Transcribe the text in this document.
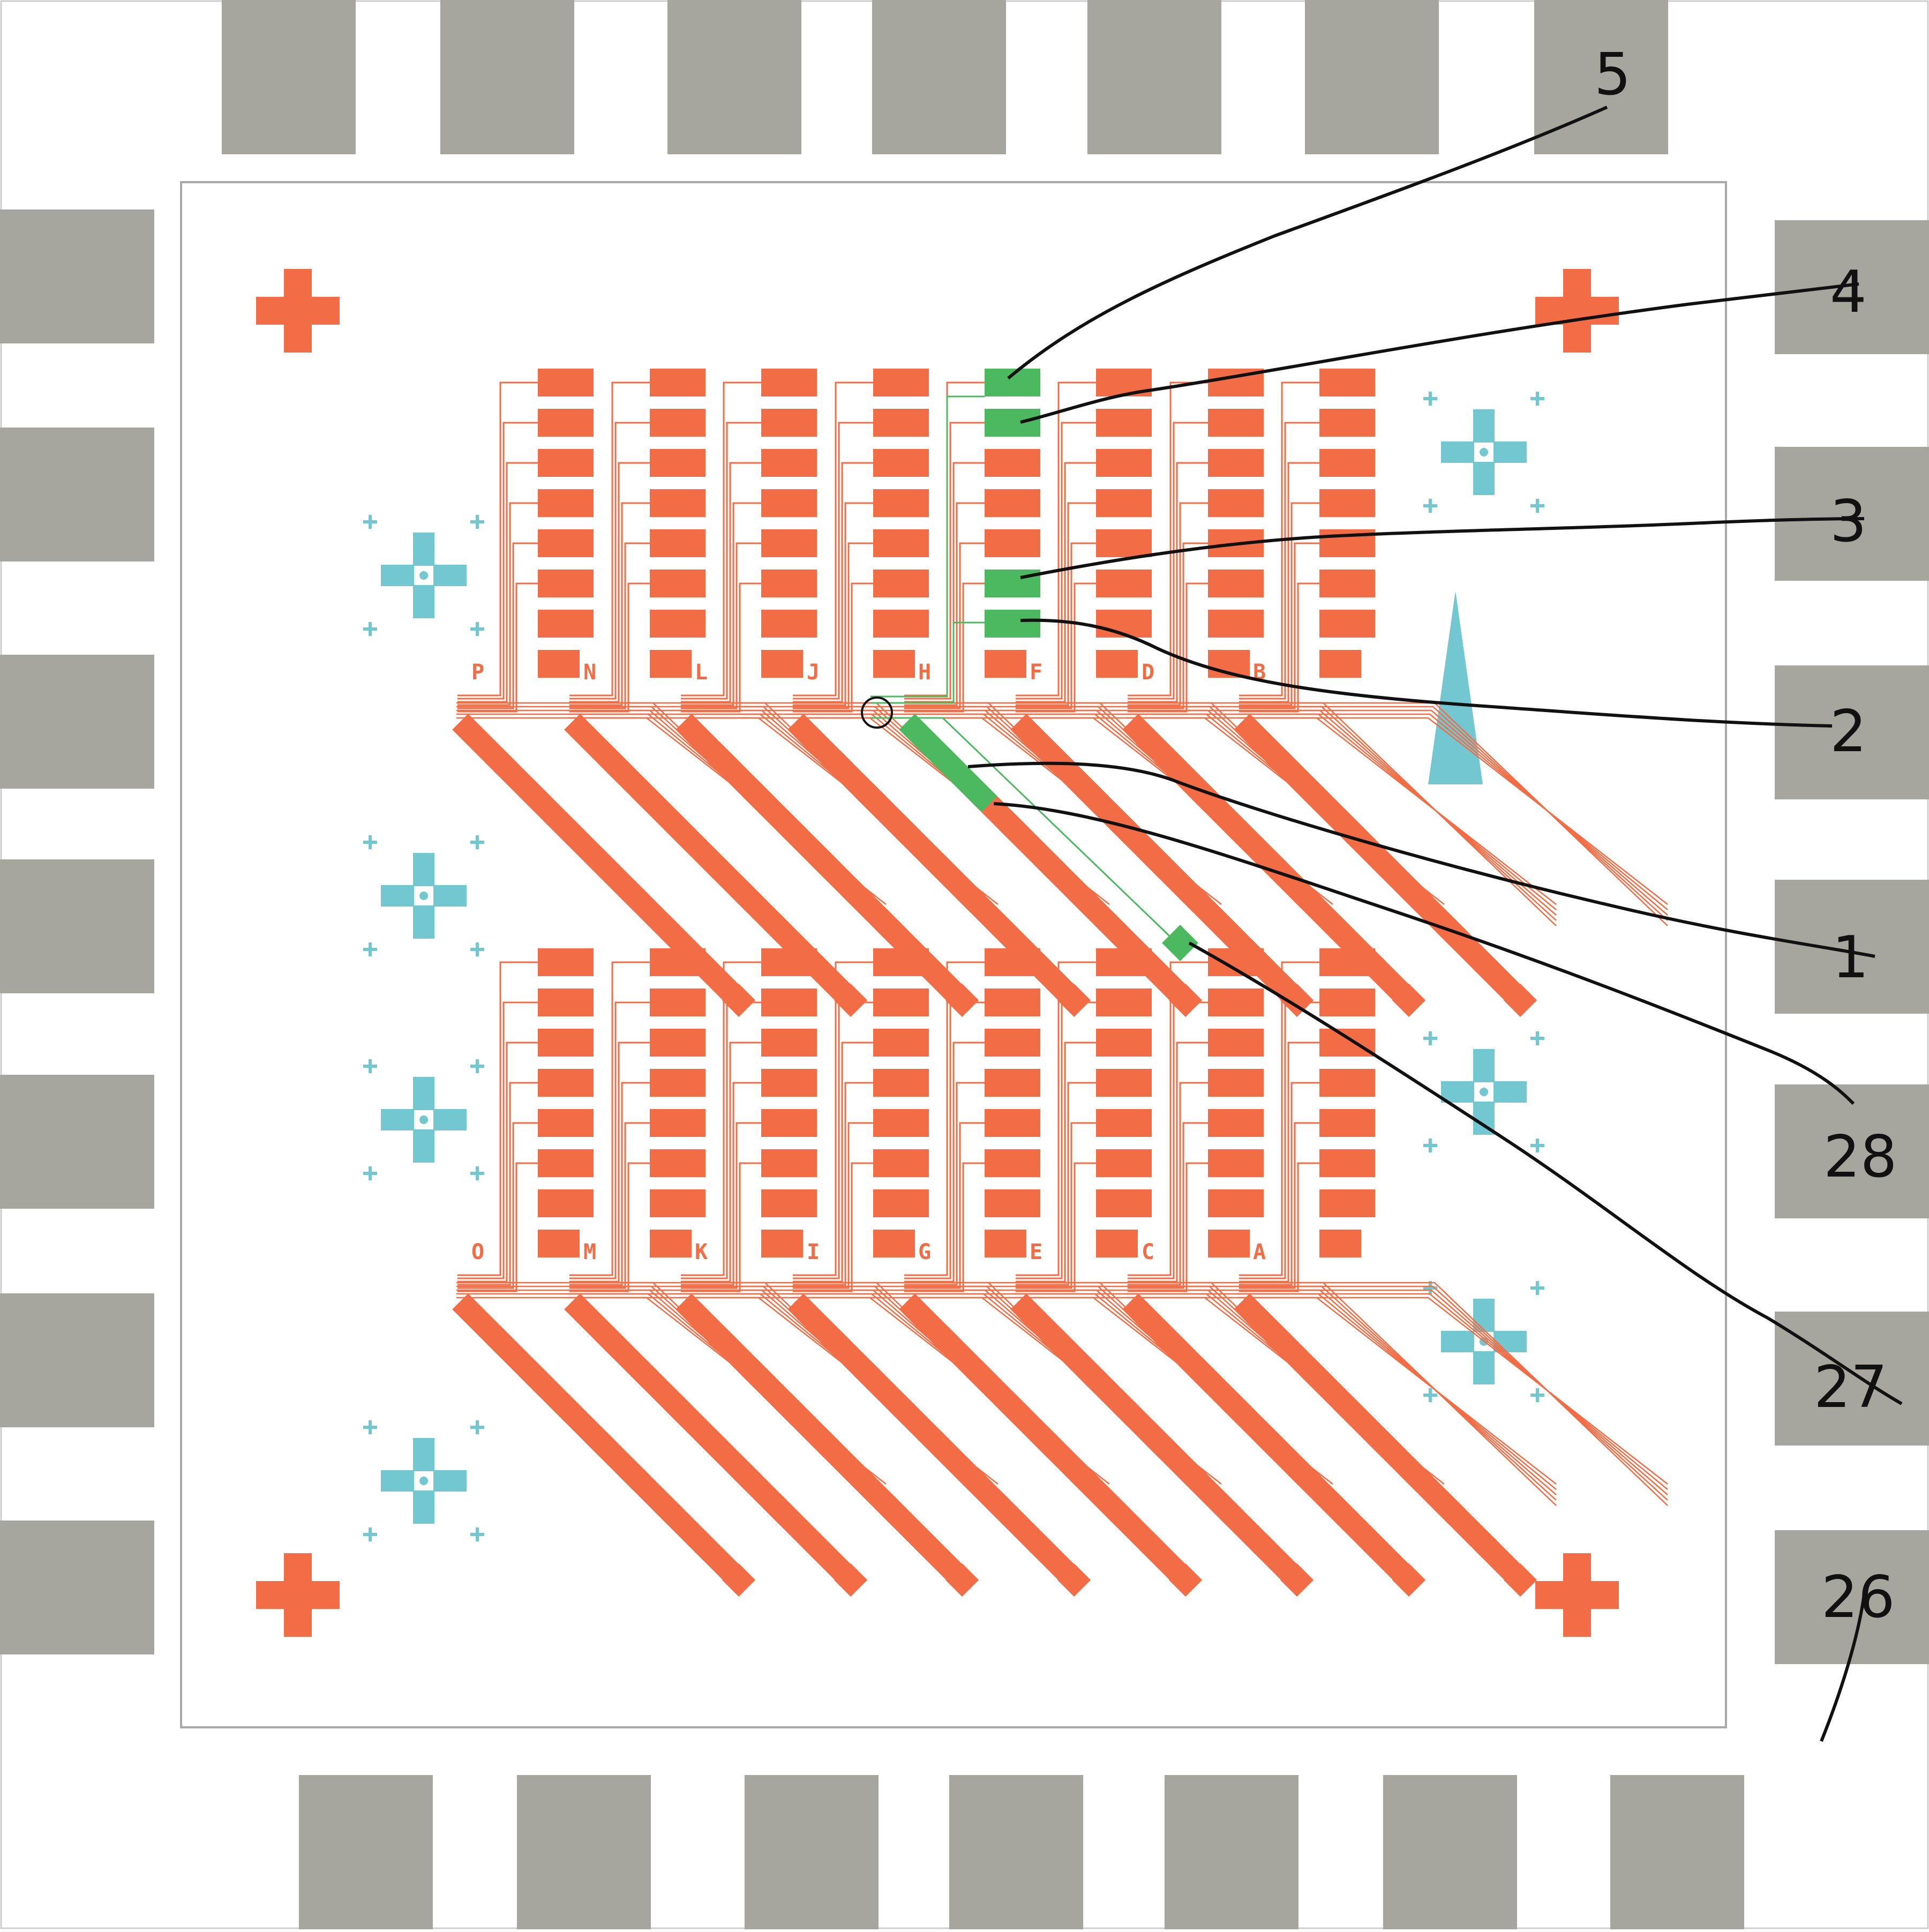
P	N	L	J	H	F	D	B
O	M	K	I	G	E	C	A
5
4
3
2
1
28
27
26
